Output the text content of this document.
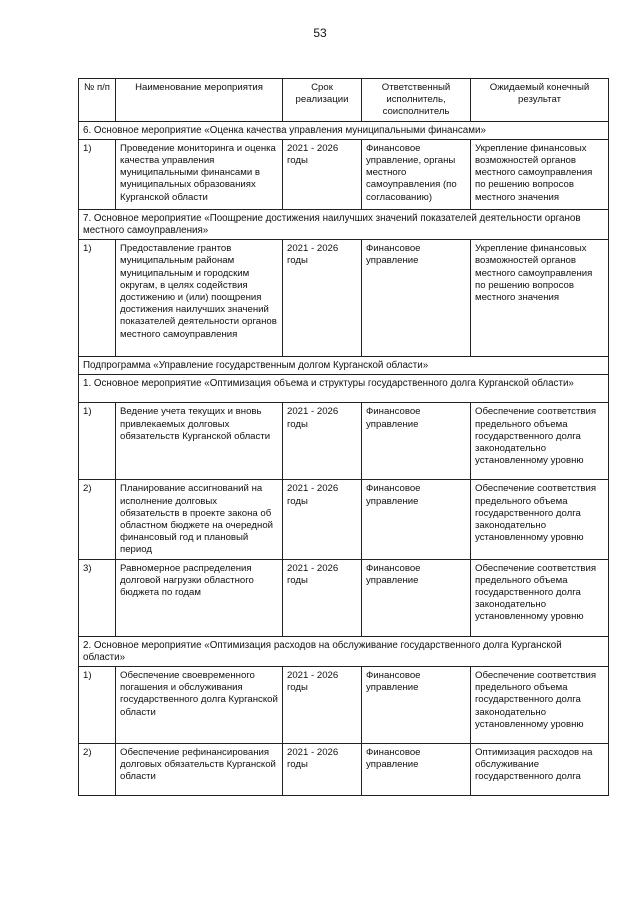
53
№ п/п	Наименование мероприятия	Срок реализации	Ответственный исполнитель, соисполнитель	Ожидаемый конечный результат
6. Основное мероприятие «Оценка качества управления муниципальными финансами»				
1)	Проведение мониторинга и оценка качества управления муниципальными финансами в муниципальных образованиях Курганской области	2021 - 2026 годы	Финансовое управление, органы местного самоуправления (по согласованию)	Укрепление финансовых возможностей органов местного самоуправления по решению вопросов местного значения
7. Основное мероприятие «Поощрение достижения наилучших значений показателей деятельности органов местного самоуправления»				
1)	Предоставление грантов муниципальным районам муниципальным и городским округам, в целях содействия достижению и (или) поощрения достижения наилучших значений показателей деятельности органов местного самоуправления	2021 - 2026 годы	Финансовое управление	Укрепление финансовых возможностей органов местного самоуправления по решению вопросов местного значения
Подпрограмма «Управление государственным долгом Курганской области»				
1. Основное мероприятие «Оптимизация объема и структуры государственного долга Курганской области»				
1)	Ведение учета текущих и вновь привлекаемых долговых обязательств Курганской области	2021 - 2026 годы	Финансовое управление	Обеспечение соответствия предельного объема государственного долга законодательно установленному уровню
2)	Планирование ассигнований на исполнение долговых обязательств в проекте закона об областном бюджете на очередной финансовый год и плановый период	2021 - 2026 годы	Финансовое управление	Обеспечение соответствия предельного объема государственного долга законодательно установленному уровню
3)	Равномерное распределения долговой нагрузки областного бюджета по годам	2021 - 2026 годы	Финансовое управление	Обеспечение соответствия предельного объема государственного долга законодательно установленному уровню
2. Основное мероприятие «Оптимизация расходов на обслуживание государственного долга Курганской области»				
1)	Обеспечение своевременного погашения и обслуживания государственного долга Курганской области	2021 - 2026 годы	Финансовое управление	Обеспечение соответствия предельного объема государственного долга законодательно установленному уровню
2)	Обеспечение рефинансирования долговых обязательств Курганской области	2021 - 2026 годы	Финансовое управление	Оптимизация расходов на обслуживание государственного долга
